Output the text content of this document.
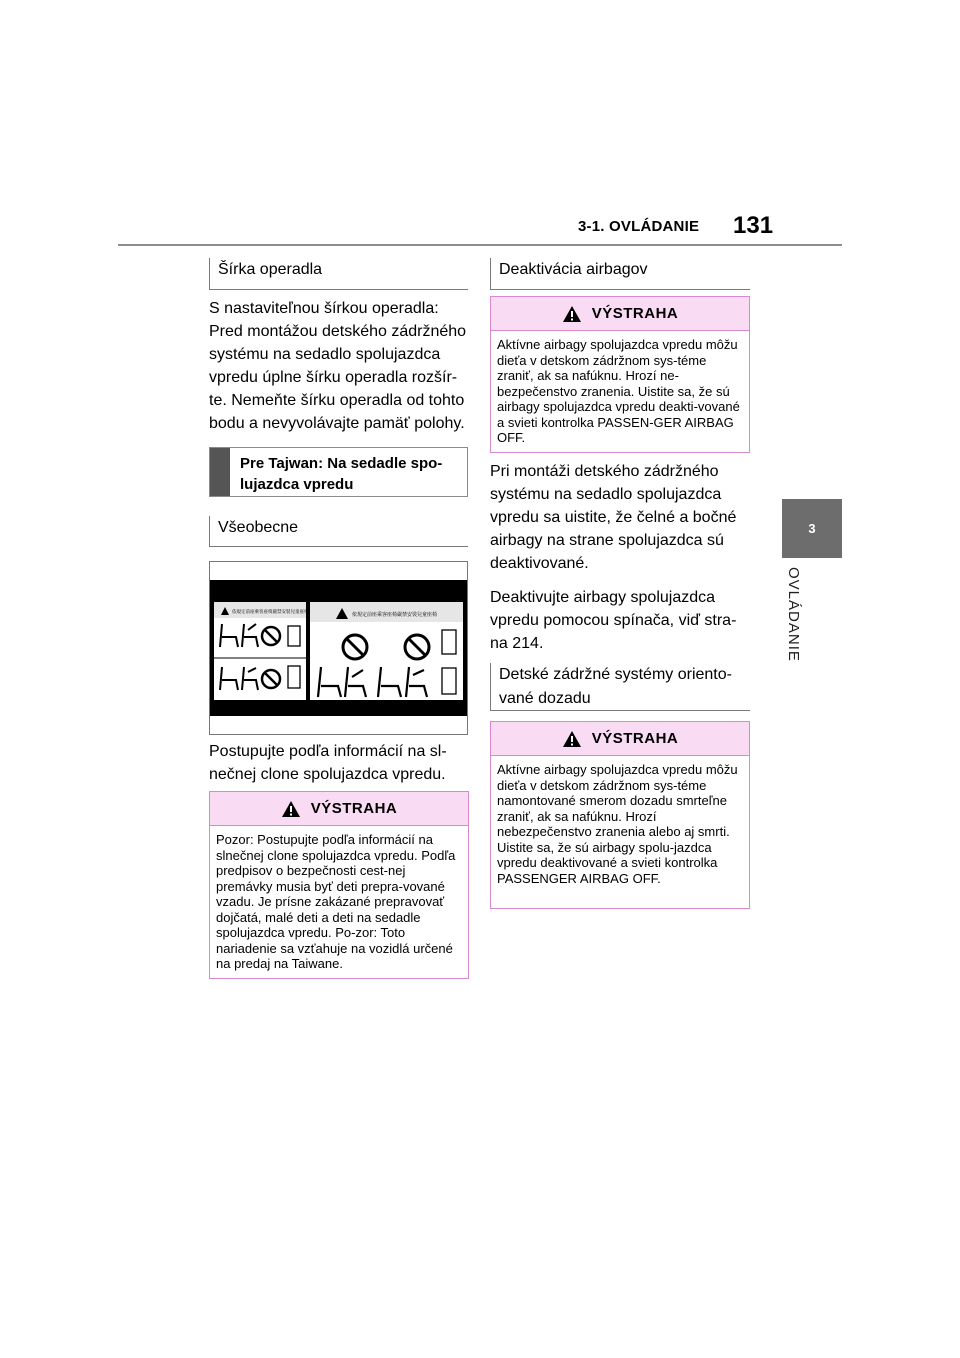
3-1. OVLÁDANIE 131
3
OVLÁDANIE
Šírka operadla

S nastaviteľnou šírkou operadla: Pred montážou detského zádržného systému na sedadlo spolujazdca vpredu úplne šírku operadla rozšír-te. Nemeňte šírku operadla od tohto bodu a nevyvolávajte pamäť polohy.

Pre Tajwan: Na sedadle spo-lujazdca vpredu
Všeobecne
依規定前座乘客座椅嚴禁安裝兒童座椅	依規定前座乘客座椅嚴禁安裝兒童座椅

Postupujte podľa informácií na sl-nečnej clone spolujazdca vpredu.

VÝSTRAHA
Pozor: Postupujte podľa informácií na slnečnej clone spolujazdca vpredu. Podľa predpisov o bezpečnosti cest-nej premávky musia byť deti prepra-vované vzadu. Je prísne zakázané prepravovať dojčatá, malé deti a deti na sedadle spolujazdca vpredu. Po-zor: Toto nariadenie sa vzťahuje na vozidlá určené na predaj na Taiwane.
Deaktivácia airbagov
VÝSTRAHA
Aktívne airbagy spolujazdca vpredu môžu dieťa v detskom zádržnom sys-téme zraniť, ak sa nafúknu. Hrozí ne-bezpečenstvo zranenia. Uistite sa, že sú airbagy spolujazdca vpredu deakti-vované a svieti kontrolka PASSEN-GER AIRBAG OFF.

Pri montáži detského zádržného systému na sedadlo spolujazdca vpredu sa uistite, že čelné a bočné airbagy na strane spolujazdca sú deaktivované.

Deaktivujte airbagy spolujazdca vpredu pomocou spínača, viď stra-na 214.

Detské zádržné systémy oriento-vané dozadu
VÝSTRAHA
Aktívne airbagy spolujazdca vpredu môžu dieťa v detskom zádržnom sys-téme namontované smerom dozadu smrteľne zraniť, ak sa nafúknu. Hrozí nebezpečenstvo zranenia alebo aj smrti. Uistite sa, že sú airbagy spolu-jazdca vpredu deaktivované a svieti kontrolka PASSENGER AIRBAG OFF.
